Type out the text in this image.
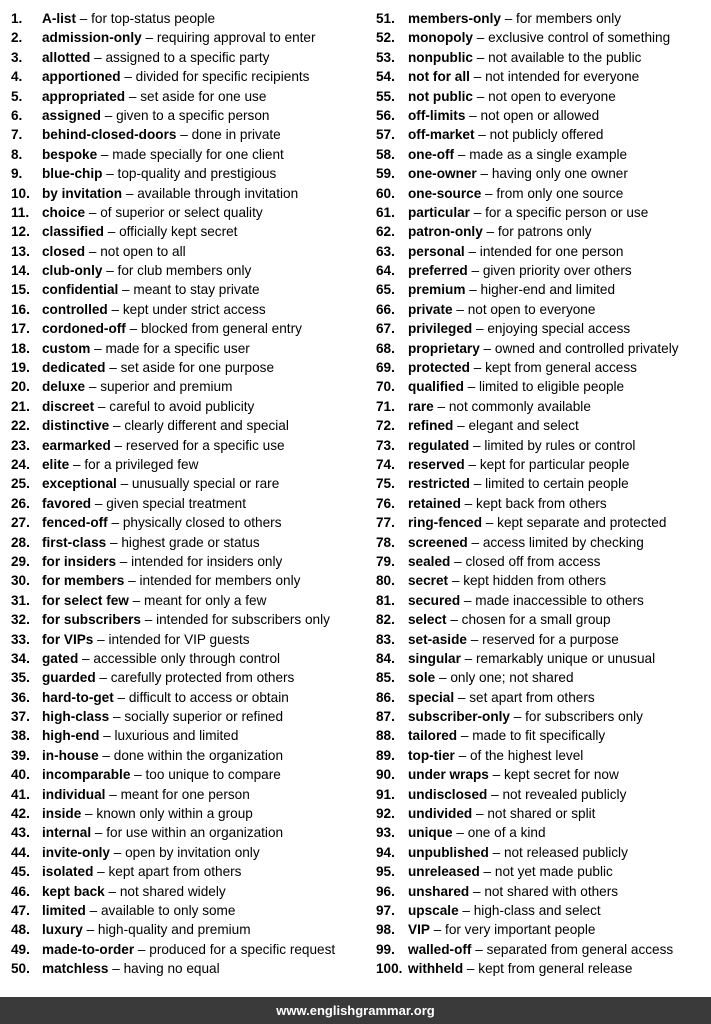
1. A-list – for top-status people
2. admission-only – requiring approval to enter
3. allotted – assigned to a specific party
4. apportioned – divided for specific recipients
5. appropriated – set aside for one use
6. assigned – given to a specific person
7. behind-closed-doors – done in private
8. bespoke – made specially for one client
9. blue-chip – top-quality and prestigious
10. by invitation – available through invitation
11. choice – of superior or select quality
12. classified – officially kept secret
13. closed – not open to all
14. club-only – for club members only
15. confidential – meant to stay private
16. controlled – kept under strict access
17. cordoned-off – blocked from general entry
18. custom – made for a specific user
19. dedicated – set aside for one purpose
20. deluxe – superior and premium
21. discreet – careful to avoid publicity
22. distinctive – clearly different and special
23. earmarked – reserved for a specific use
24. elite – for a privileged few
25. exceptional – unusually special or rare
26. favored – given special treatment
27. fenced-off – physically closed to others
28. first-class – highest grade or status
29. for insiders – intended for insiders only
30. for members – intended for members only
31. for select few – meant for only a few
32. for subscribers – intended for subscribers only
33. for VIPs – intended for VIP guests
34. gated – accessible only through control
35. guarded – carefully protected from others
36. hard-to-get – difficult to access or obtain
37. high-class – socially superior or refined
38. high-end – luxurious and limited
39. in-house – done within the organization
40. incomparable – too unique to compare
41. individual – meant for one person
42. inside – known only within a group
43. internal – for use within an organization
44. invite-only – open by invitation only
45. isolated – kept apart from others
46. kept back – not shared widely
47. limited – available to only some
48. luxury – high-quality and premium
49. made-to-order – produced for a specific request
50. matchless – having no equal
51. members-only – for members only
52. monopoly – exclusive control of something
53. nonpublic – not available to the public
54. not for all – not intended for everyone
55. not public – not open to everyone
56. off-limits – not open or allowed
57. off-market – not publicly offered
58. one-off – made as a single example
59. one-owner – having only one owner
60. one-source – from only one source
61. particular – for a specific person or use
62. patron-only – for patrons only
63. personal – intended for one person
64. preferred – given priority over others
65. premium – higher-end and limited
66. private – not open to everyone
67. privileged – enjoying special access
68. proprietary – owned and controlled privately
69. protected – kept from general access
70. qualified – limited to eligible people
71. rare – not commonly available
72. refined – elegant and select
73. regulated – limited by rules or control
74. reserved – kept for particular people
75. restricted – limited to certain people
76. retained – kept back from others
77. ring-fenced – kept separate and protected
78. screened – access limited by checking
79. sealed – closed off from access
80. secret – kept hidden from others
81. secured – made inaccessible to others
82. select – chosen for a small group
83. set-aside – reserved for a purpose
84. singular – remarkably unique or unusual
85. sole – only one; not shared
86. special – set apart from others
87. subscriber-only – for subscribers only
88. tailored – made to fit specifically
89. top-tier – of the highest level
90. under wraps – kept secret for now
91. undisclosed – not revealed publicly
92. undivided – not shared or split
93. unique – one of a kind
94. unpublished – not released publicly
95. unreleased – not yet made public
96. unshared – not shared with others
97. upscale – high-class and select
98. VIP – for very important people
99. walled-off – separated from general access
100. withheld – kept from general release
www.englishgrammar.org
